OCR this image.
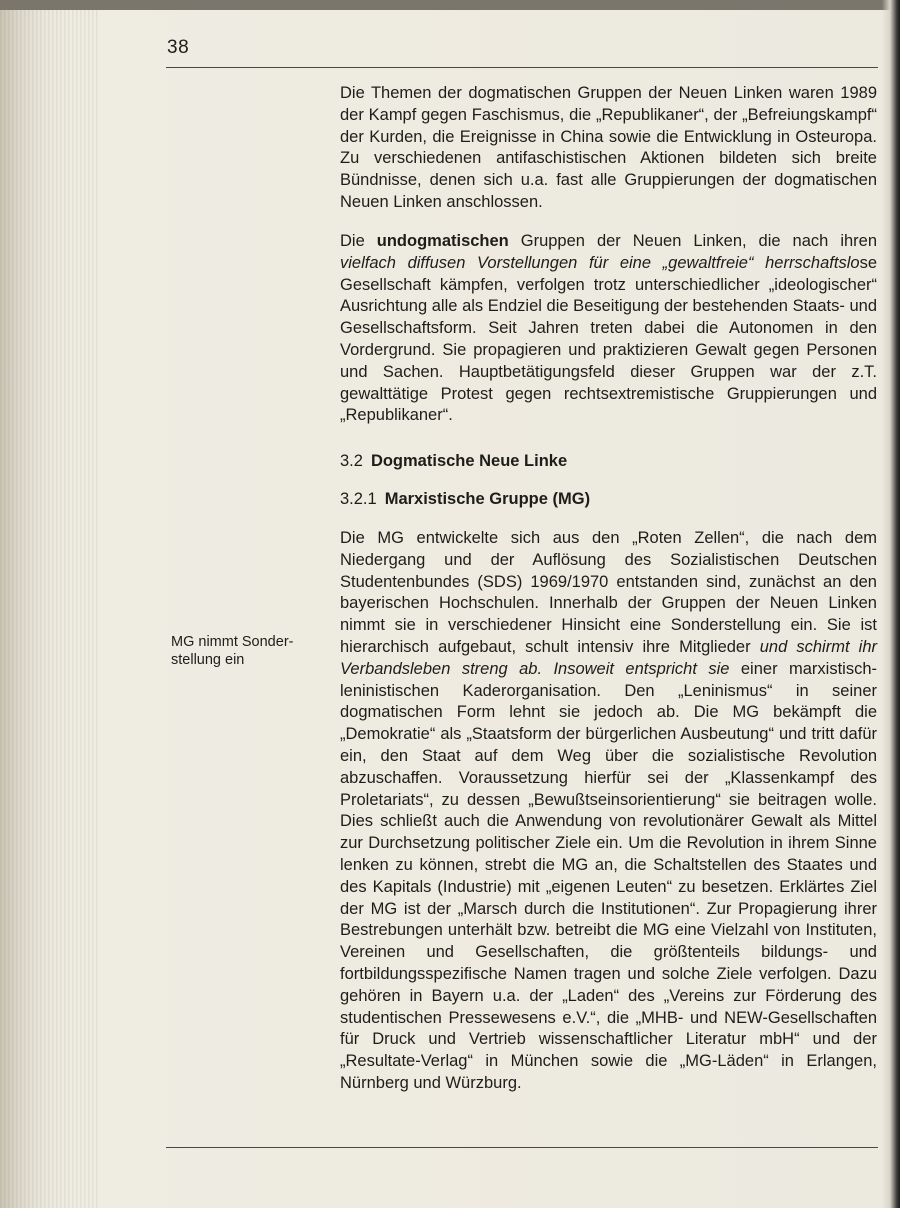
38
MG nimmt Sonder- stellung ein

Die Themen der dogmatischen Gruppen der Neuen Linken waren 1989 der Kampf gegen Faschismus, die „Republikaner“, der „Befreiungskampf“ der Kurden, die Ereignisse in China sowie die Entwicklung in Osteuropa. Zu verschiedenen antifaschistischen Aktionen bildeten sich breite Bündnisse, denen sich u.a. fast alle Gruppierungen der dogmatischen Neuen Linken anschlossen.

Die undogmatischen Gruppen der Neuen Linken, die nach ihren vielfach diffusen Vorstellungen für eine „gewaltfreie“ herrschaftslose Gesellschaft kämpfen, verfolgen trotz unterschiedlicher „ideologischer“ Ausrichtung alle als Endziel die Beseitigung der bestehenden Staats- und Gesellschaftsform. Seit Jahren treten dabei die Autonomen in den Vordergrund. Sie propagieren und praktizieren Gewalt gegen Personen und Sachen. Hauptbetätigungsfeld dieser Gruppen war der z.T. gewalttätige Protest gegen rechtsextremistische Gruppierungen und „Republikaner“.

3.2 Dogmatische Neue Linke
3.2.1 Marxistische Gruppe (MG)

Die MG entwickelte sich aus den „Roten Zellen“, die nach dem Niedergang und der Auflösung des Sozialistischen Deutschen Studentenbundes (SDS) 1969/1970 entstanden sind, zunächst an den bayerischen Hochschulen. Innerhalb der Gruppen der Neuen Linken nimmt sie in verschiedener Hinsicht eine Sonderstellung ein. Sie ist hierarchisch aufgebaut, schult intensiv ihre Mitglieder und schirmt ihr Verbandsleben streng ab. Insoweit entspricht sie einer marxistisch-leninistischen Kaderorganisation. Den „Leninismus“ in seiner dogmatischen Form lehnt sie jedoch ab. Die MG bekämpft die „Demokratie“ als „Staatsform der bürgerlichen Ausbeutung“ und tritt dafür ein, den Staat auf dem Weg über die sozialistische Revolution abzuschaffen. Voraussetzung hierfür sei der „Klassenkampf des Proletariats“, zu dessen „Bewußtseinsorientierung“ sie beitragen wolle. Dies schließt auch die Anwendung von revolutionärer Gewalt als Mittel zur Durchsetzung politischer Ziele ein. Um die Revolution in ihrem Sinne lenken zu können, strebt die MG an, die Schaltstellen des Staates und des Kapitals (Industrie) mit „eigenen Leuten“ zu besetzen. Erklärtes Ziel der MG ist der „Marsch durch die Institutionen“. Zur Propagierung ihrer Bestrebungen unterhält bzw. betreibt die MG eine Vielzahl von Instituten, Vereinen und Gesellschaften, die größtenteils bildungs- und fortbildungsspezifische Namen tragen und solche Ziele verfolgen. Dazu gehören in Bayern u.a. der „Laden“ des „Vereins zur Förderung des studentischen Pressewesens e.V.“, die „MHB- und NEW-Gesellschaften für Druck und Vertrieb wissenschaftlicher Literatur mbH“ und der „Resultate-Verlag“ in München sowie die „MG-Läden“ in Erlangen, Nürnberg und Würzburg.
